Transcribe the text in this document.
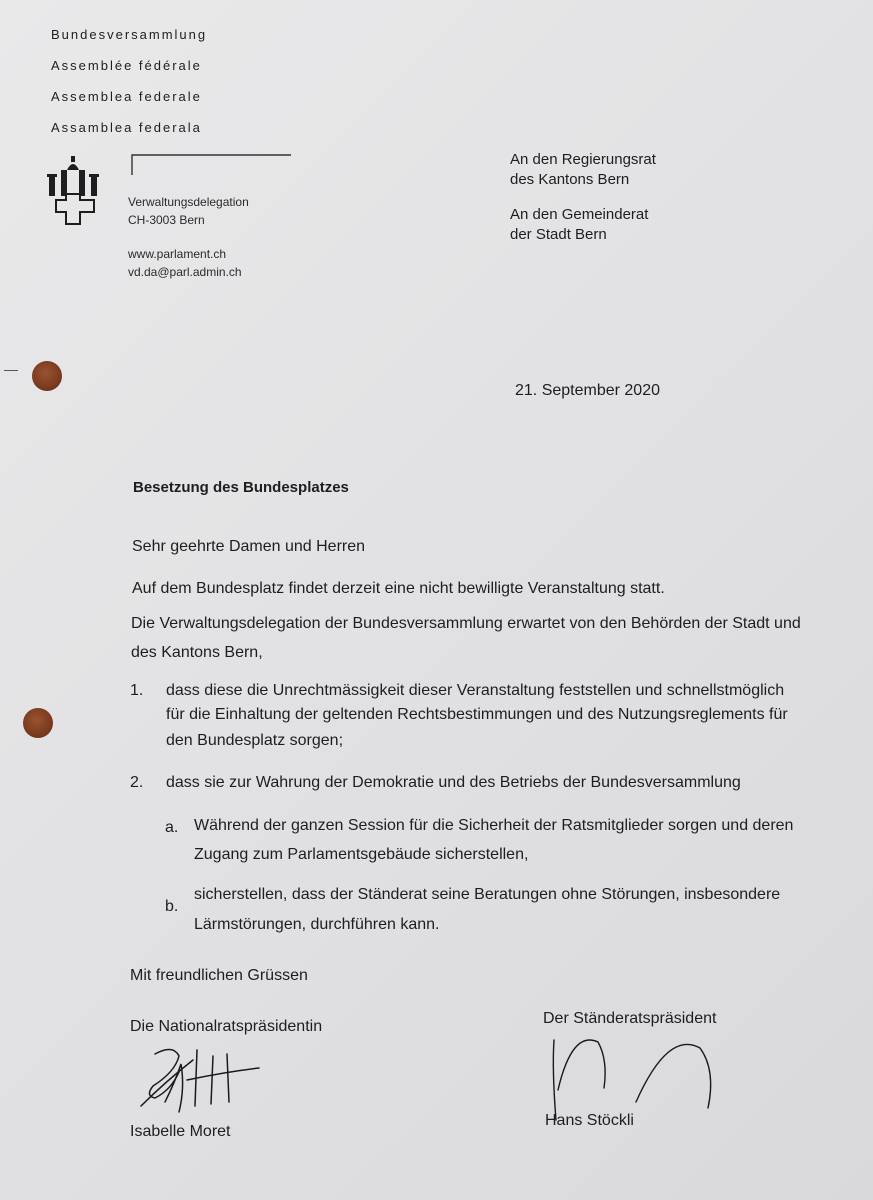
Bundesversammlung
Assemblée fédérale
Assemblea federale
Assamblea federala
Verwaltungsdelegation
CH-3003 Bern
www.parlament.ch
vd.da@parl.admin.ch
An den Regierungsrat
des Kantons Bern
An den Gemeinderat
der Stadt Bern
21. September 2020
Besetzung des Bundesplatzes
Sehr geehrte Damen und Herren
Auf dem Bundesplatz findet derzeit eine nicht bewilligte Veranstaltung statt.
Die Verwaltungsdelegation der Bundesversammlung erwartet von den Behörden der Stadt und
des Kantons Bern,
1. dass diese die Unrechtmässigkeit dieser Veranstaltung feststellen und schnellstmöglich
für die Einhaltung der geltenden Rechtsbestimmungen und des Nutzungsreglements für
den Bundesplatz sorgen;
2. dass sie zur Wahrung der Demokratie und des Betriebs der Bundesversammlung
a. Während der ganzen Session für die Sicherheit der Ratsmitglieder sorgen und deren
Zugang zum Parlamentsgebäude sicherstellen,
b.
sicherstellen, dass der Ständerat seine Beratungen ohne Störungen, insbesondere
Lärmstörungen, durchführen kann.
Mit freundlichen Grüssen
Die Nationalratspräsidentin	Der Ständeratspräsident
Isabelle Moret
Hans Stöckli
